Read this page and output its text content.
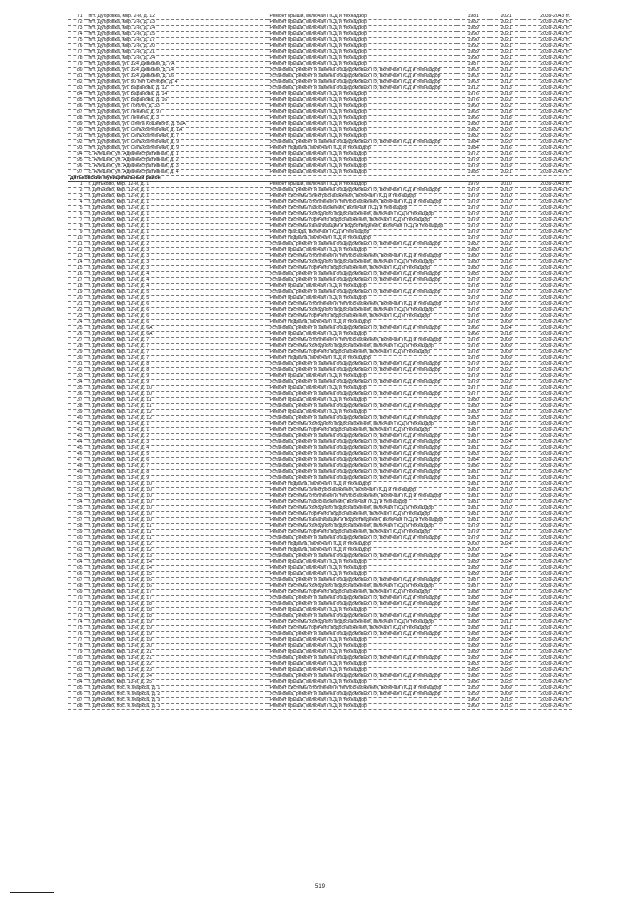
71	пгт. Дубровка, мкр. 2-й, д. 12	Ремонт крыши, включая ПСД и технадзор	1981	2021	2039-2043 гг.
72	пгт. Дубровка, мкр. 2-й, д. 13	Ремонт крыши, включая ПСД и технадзор	1982	2021	2039-2043 гг.
73	пгт. Дубровка, мкр. 2-й, д. 14	Ремонт крыши, включая ПСД и технадзор	1989	2021	2039-2043 гг.
74	пгт. Дубровка, мкр. 2-й, д. 15	Ремонт крыши, включая ПСД и технадзор	1990	2021	2039-2043 гг.
75	пгт. Дубровка, мкр. 2-й, д. 17	Ремонт крыши, включая ПСД и технадзор	1990	2021	2039-2043 гг.
76	пгт. Дубровка, мкр. 2-й, д. 20	Ремонт крыши, включая ПСД и технадзор	1992	2021	2039-2043 гг.
77	пгт. Дубровка, мкр. 2-й, д. 21	Ремонт крыши, включая ПСД и технадзор	1989	2021	2039-2043 гг.
78	пгт. Дубровка, мкр. 2-й, д. 24	Ремонт крыши, включая ПСД и технадзор	1990	2021	2039-2043 гг.
79	пгт. Дубровка, ул. 324 Дивизии, д. 7А	Ремонт крыши, включая ПСД и технадзор	1987	2022	2039-2043 гг.
80	пгт. Дубровка, ул. 324 Дивизии, д. 14	Установка, ремонт и замена общедомовых ПУ, включая ПСД и техназдор	1963	2012	2039-2043 гг.
81	пгт. Дубровка, ул. 324 Дивизии, д. 16	Установка, ремонт и замена общедомовых ПУ, включая ПСД и техназдор	1963	2012	2039-2043 гг.
82	пгт. Дубровка, ул. 50 лет Октября, д. 4	Установка, ремонт и замена общедомовых ПУ, включая ПСД и техназдор	1963	2012	2039-2043 гг.
83	пгт. Дубровка, ул. Баранова, д. 12	Установка, ремонт и замена общедомовых ПУ, включая ПСД и техназдор	1912	2013	2039-2043 гг.
84	пгт. Дубровка, ул. Баранова, д. 14	Ремонт крыши, включая ПСД и технадзор	1976	2019	2039-2043 гг.
85	пгт. Дубровка, ул. Баранова, д. 16	Ремонт крыши, включая ПСД и технадзор	1976	2022	2039-2043 гг.
86	пгт. Дубровка, ул. Гоголя, д. 33	Ремонт крыши, включая ПСД и технадзор	1960	2022	2039-2043 гг.
87	пгт. Дубровка, ул. Ленина, д. 97	Ремонт крыши, включая ПСД и технадзор	1965	2018	2039-2043 гг.
88	пгт. Дубровка, ул. Ленина, д. 3	Ремонт крыши, включая ПСД и технадзор	1966	2018	2039-2043 гг.
89	пгт. Дубровка, ул. Олега Кошевого, д. 50А	Ремонт крыши, включая ПСД и технадзор	1980	2018	2039-2043 гг.
90	пгт. Дубровка, ул. Сельхозтехники, д. 1А	Ремонт крыши, включая ПСД и технадзор	1982	2020	2039-2043 гг.
91	пгт. Дубровка, ул. Сельхозтехники, д. 7	Ремонт крыши, включая ПСД и технадзор	1982	2022	2039-2043 гг.
92	пгт. Дубровка, ул. Сельхозтехники, д. 9	Установка, ремонт и замена общедомовых ПУ, включая ПСД и техназдор	1984	2020	2039-2043 гг.
93	пгт. Дубровка, ул. Сельхозтехники, д. 9	Ремонт подвала, включая ПСД и техназдор	1984	2016	2039-2043 гг.
94	с. Алешня, ул. Административная, д. 1	Ремонт крыши, включая ПСД и техназдор	1972	2016	2039-2043 гг.
95	с. Алешня, ул. Административная, д. 2	Ремонт крыши, включая ПСД и техназдор	1979	2019	2039-2043 гг.
96	с. Алешня, ул. Административная, д. 3	Ремонт крыши, включая ПСД и техназдор	1979	2019	2039-2043 гг.
97	с. Алешня, ул. Административная, д. 4	Ремонт крыши, включая ПСД и техназдор	1985	2021	2039-2043 гг.
Дятьковский муниципальный район					
1	г. Дятьково, мкр. 12-й, д. 1	Ремонт крыши, включая ПСД и техназдор	1979	2010	2039-2043 гг.
2	г. Дятьково, мкр. 12-й, д. 1	Установка, ремонт и замена общедомовых ПУ, включая ПСД и техназдор	1979	2010	2039-2043 гг.
3	г. Дятьково, мкр. 12-й, д. 1	Ремонт системы электроснабжения, включая ПСД и техназдор	1979	2010	2039-2043 гг.
4	г. Дятьково, мкр. 12-й, д. 1	Ремонт системы отопления и теплоснабжения, включая ПСД и техназдор	1979	2010	2039-2043 гг.
5	г. Дятьково, мкр. 12-й, д. 1	Ремонт системы газоснабжения, включая ПСД и техназдор	1979	2010	2039-2043 гг.
6	г. Дятьково, мкр. 12-й, д. 1	Ремонт системы холодного водоснабжения, включая ПСД и техназдор	1979	2010	2039-2043 гг.
7	г. Дятьково, мкр. 12-й, д. 1	Ремонт системы горячего водоснабжения, включая ПСД и техназдор	1979	2010	2039-2043 гг.
8	г. Дятьково, мкр. 12-й, д. 1	Ремонт системы канализации и водоотведения, включая ПСД и техназдор	1979	2010	2039-2043 гг.
9	г. Дятьково, мкр. 12-й, д. 1	Ремонт фасада, включая ПСД и техназдор	1979	2010	2039-2043 гг.
10	г. Дятьково, мкр. 12-й, д. 1	Ремонт подвала, включая ПСД и техназдор	1979	2010	2039-2043 гг.
11	г. Дятьково, мкр. 12-й, д. 2	Установка, ремонт и замена общедомовых ПУ, включая ПСД и техназдор	1982	2022	2039-2043 гг.
12	г. Дятьково, мкр. 12-й, д. 3	Ремонт крыши, включая ПСД и техназдор	1980	2016	2039-2043 гг.
13	г. Дятьково, мкр. 12-й, д. 3	Ремонт системы отопления и теплоснабжения, включая ПСД и техназдор	1980	2016	2039-2043 гг.
14	г. Дятьково, мкр. 12-й, д. 3	Ремонт системы холодного водоснабжения, включая ПСД и техназдор	1980	2016	2039-2043 гг.
15	г. Дятьково, мкр. 12-й, д. 3	Ремонт системы горячего водоснабжения, включая ПСД и техназдор	1980	2016	2039-2043 гг.
16	г. Дятьково, мкр. 12-й, д. 4	Установка, ремонт и замена общедомовых ПУ, включая ПСД и техназдор	1985	2030	2039-2043 гг.
17	г. Дятьково, мкр. 12-й, д. 4	Установка, ремонт и замена общедомовых ПУ, включая ПСД и техназдор	1979	2022	2039-2043 гг.
18	г. Дятьково, мкр. 12-й, д. 4	Ремонт крыши, включая ПСД и техназдор	1978	2018	2039-2043 гг.
19	г. Дятьково, мкр. 12-й, д. 5	Установка, ремонт и замена общедомовых ПУ, включая ПСД и техназдор	1979	2030	2039-2043 гг.
20	г. Дятьково, мкр. 12-й, д. 5	Ремонт крыши, включая ПСД и техназдор	1979	2018	2039-2043 гг.
21	г. Дятьково, мкр. 12-й, д. 6	Ремонт системы отопления и теплоснабжения, включая ПСД и техназдор	1979	2009	2039-2043 гг.
22	г. Дятьково, мкр. 12-й, д. 6	Ремонт системы холодного водоснабжения, включая ПСД и техназдор	1978	2009	2039-2043 гг.
23	г. Дятьково, мкр. 12-й, д. 6	Ремонт системы горячего водоснабжения, включая ПСД и техназдор	1978	2009	2039-2043 гг.
24	г. Дятьково, мкр. 12-й, д. 6	Ремонт подвала, включая ПСД и техназдор	1978	2009	2039-2043 гг.
25	г. Дятьково, мкр. 12-й, д. 6А	Установка, ремонт и замена общедомовых ПУ, включая ПСД и техназдор	1966	2024	2039-2043 гг.
26	г. Дятьково, мкр. 12-й, д. 6А	Ремонт крыши, включая ПСД и техназдор	1966	2018	2039-2043 гг.
27	г. Дятьково, мкр. 12-й, д. 7	Ремонт системы отопления и теплоснабжения, включая ПСД и техназдор	1978	2009	2039-2043 гг.
28	г. Дятьково, мкр. 12-й, д. 7	Ремонт системы холодного водоснабжения, включая ПСД и техназдор	1978	2009	2039-2043 гг.
29	г. Дятьково, мкр. 12-й, д. 7	Ремонт системы горячего водоснабжения, включая ПСД и техназдор	1978	2009	2039-2043 гг.
30	г. Дятьково, мкр. 12-й, д. 7	Ремонт подвала, включая ПСД и техназдор	1978	2009	2039-2043 гг.
31	г. Дятьково, мкр. 12-й, д. 8	Установка, ремонт и замена общедомовых ПУ, включая ПСД и техназдор	1979	2022	2039-2043 гг.
32	г. Дятьково, мкр. 12-й, д. 8	Установка, ремонт и замена общедомовых ПУ, включая ПСД и техназдор	1979	2022	2039-2043 гг.
33	г. Дятьково, мкр. 12-й, д. 9	Ремонт крыши, включая ПСД и техназдор	1979	2018	2039-2043 гг.
34	г. Дятьково, мкр. 12-й, д. 9	Установка, ремонт и замена общедомовых ПУ, включая ПСД и техназдор	1979	2022	2039-2043 гг.
35	г. Дятьково, мкр. 12-й, д. 10	Ремонт крыши, включая ПСД и техназдор	1977	2018	2039-2043 гг.
36	г. Дятьково, мкр. 12-й, д. 10	Установка, ремонт и замена общедомовых ПУ, включая ПСД и техназдор	1977	2022	2039-2043 гг.
37	г. Дятьково, мкр. 12-й, д. 11	Ремонт крыши, включая ПСД и техназдор	1980	2018	2039-2043 гг.
38	г. Дятьково, мкр. 12-й, д. 11	Установка, ремонт и замена общедомовых ПУ, включая ПСД и техназдор	1980	2024	2039-2043 гг.
39	г. Дятьково, мкр. 12-й, д. 12	Ремонт крыши, включая ПСД и техназдор	1983	2018	2039-2043 гг.
40	г. Дятьково, мкр. 12-й, д. 12	Установка, ремонт и замена общедомовых ПУ, включая ПСД и техназдор	1983	2022	2039-2043 гг.
41	г. Дятьково, мкр. 13-й, д. 1	Ремонт системы холодного водоснабжения, включая ПСД и техназдор	1987	2016	2039-2043 гг.
42	г. Дятьково, мкр. 13-й, д. 1	Ремонт системы горячего водоснабжения, включая ПСД и техназдор	1987	2016	2039-2043 гг.
43	г. Дятьково, мкр. 13-й, д. 2	Установка, ремонт и замена общедомовых ПУ, включая ПСД и техназдор	1987	2024	2039-2043 гг.
44	г. Дятьково, мкр. 13-й, д. 3	Установка, ремонт и замена общедомовых ПУ, включая ПСД и техназдор	1981	2024	2039-2043 гг.
45	г. Дятьково, мкр. 13-й, д. 4	Установка, ремонт и замена общедомовых ПУ, включая ПСД и техназдор	1981	2022	2039-2043 гг.
46	г. Дятьково, мкр. 13-й, д. 5	Установка, ремонт и замена общедомовых ПУ, включая ПСД и техназдор	1983	2022	2039-2043 гг.
47	г. Дятьково, мкр. 13-й, д. 6	Установка, ремонт и замена общедомовых ПУ, включая ПСД и техназдор	1984	2022	2039-2043 гг.
48	г. Дятьково, мкр. 13-й, д. 7	Установка, ремонт и замена общедомовых ПУ, включая ПСД и техназдор	1986	2022	2039-2043 гг.
49	г. Дятьково, мкр. 13-й, д. 8	Установка, ремонт и замена общедомовых ПУ, включая ПСД и техназдор	1981	2012	2039-2043 гг.
50	г. Дятьково, мкр. 13-й, д. 9	Установка, ремонт и замена общедомовых ПУ, включая ПСД и техназдор	1981	2012	2039-2043 гг.
51	г. Дятьково, мкр. 13-й, д. 10	Ремонт подвала, включая ПСД и техназдор	1981	2010	2039-2043 гг.
52	г. Дятьково, мкр. 13-й, д. 10	Ремонт системы электроснабжения, включая ПСД и техназдор	1981	2010	2039-2043 гг.
53	г. Дятьково, мкр. 13-й, д. 10	Ремонт системы отопления и теплоснабжения, включая ПСД и техназдор	1981	2010	2039-2043 гг.
54	г. Дятьково, мкр. 13-й, д. 10	Ремонт системы газоснабжения, включая ПСД и техназдор	1981	2010	2039-2043 гг.
55	г. Дятьково, мкр. 13-й, д. 10	Ремонт системы холодного водоснабжения, включая ПСД и техназдор	1981	2010	2039-2043 гг.
56	г. Дятьково, мкр. 13-й, д. 10	Ремонт системы горячего водоснабжения, включая ПСД и техназдор	1981	2010	2039-2043 гг.
57	г. Дятьково, мкр. 13-й, д. 10	Ремонт системы канализации и водоотведения, включая ПСД и техназдор	1981	2010	2039-2043 гг.
58	г. Дятьково, мкр. 13-й, д. 11	Ремонт системы холодного водоснабжения, включая ПСД и техназдор	1979	2012	2039-2043 гг.
59	г. Дятьково, мкр. 13-й, д. 11	Ремонт системы горячего водоснабжения, включая ПСД и техназдор	1979	2012	2039-2043 гг.
60	г. Дятьково, мкр. 13-й, д. 11	Установка, ремонт и замена общедомовых ПУ, включая ПСД и техназдор	1979	2012	2039-2043 гг.
61	г. Дятьково, мкр. 13-й, д. 12	Ремонт подвала, включая ПСД и техназдор	2000	2024	2039-2043 гг.
62	г. Дятьково, мкр. 13-й, д. 12	Ремонт подвала, включая ПСД и техназдор	2000		2039-2043 гг.
63	г. Дятьково, мкр. 13-й, д. 13	Установка, ремонт и замена общедомовых ПУ, включая ПСД и техназдор	1988	2024	2039-2043 гг.
64	г. Дятьково, мкр. 13-й, д. 14	Ремонт крыши, включая ПСД и техназдор	1989	2024	2039-2043 гг.
65	г. Дятьково, мкр. 13-й, д. 14	Ремонт крыши, включая ПСД и техназдор	1989	2018	2039-2043 гг.
66	г. Дятьково, мкр. 13-й, д. 15	Ремонт крыши, включая ПСД и техназдор	1989	2018	2039-2043 гг.
67	г. Дятьково, мкр. 13-й, д. 16	Установка, ремонт и замена общедомовых ПУ, включая ПСД и техназдор	1987	2024	2039-2043 гг.
68	г. Дятьково, мкр. 13-й, д. 16	Ремонт системы холодного водоснабжения, включая ПСД и техназдор	1987	2010	2039-2043 гг.
69	г. Дятьково, мкр. 13-й, д. 17	Ремонт системы горячего водоснабжения, включая ПСД и техназдор	1988	2010	2039-2043 гг.
70	г. Дятьково, мкр. 13-й, д. 17	Установка, ремонт и замена общедомовых ПУ, включая ПСД и техназдор	1988	2024	2039-2043 гг.
71	г. Дятьково, мкр. 13-й, д. 18	Установка, ремонт и замена общедомовых ПУ, включая ПСД и техназдор	1988	2024	2039-2043 гг.
72	г. Дятьково, мкр. 13-й, д. 18	Ремонт крыши, включая ПСД и техназдор	1988	2018	2039-2043 гг.
73	г. Дятьково, мкр. 13-й, д. 18	Установка, ремонт и замена общедомовых ПУ, включая ПСД и техназдор	1988	2024	2039-2043 гг.
74	г. Дятьково, мкр. 13-й, д. 19	Ремонт системы холодного водоснабжения, включая ПСД и техназдор	1988	2011	2039-2043 гг.
75	г. Дятьково, мкр. 13-й, д. 19	Ремонт системы горячего водоснабжения, включая ПСД и техназдор	1988	2011	2039-2043 гг.
76	г. Дятьково, мкр. 13-й, д. 19	Установка, ремонт и замена общедомовых ПУ, включая ПСД и техназдор	1988	2024	2039-2043 гг.
77	г. Дятьково, мкр. 13-й, д. 19	Ремонт крыши, включая ПСД и техназдор	1989	2024	2039-2043 гг.
78	г. Дятьково, мкр. 13-й, д. 20	Ремонт крыши, включая ПСД и техназдор	1989	2016	2039-2043 гг.
79	г. Дятьково, мкр. 13-й, д. 21	Ремонт крыши, включая ПСД и техназдор	1989	2016	2039-2043 гг.
80	г. Дятьково, мкр. 13-й, д. 21	Установка, ремонт и замена общедомовых ПУ, включая ПСД и техназдор	1989	2024	2039-2043 гг.
81	г. Дятьково, мкр. 13-й, д. 22	Ремонт крыши, включая ПСД и техназдор	1983	2025	2039-2043 гг.
82	г. Дятьково, мкр. 13-й, д. 23	Ремонт крыши, включая ПСД и техназдор	1985	2026	2039-2043 гг.
83	г. Дятьково, мкр. 13-й, д. 24	Установка, ремонт и замена общедомовых ПУ, включая ПСД и техназдор	1986	2025	2039-2043 гг.
84	г. Дятьково, мкр. 13-й, д. 25	Ремонт крыши, включая ПСД и техназдор	1986	2025	2039-2043 гг.
85	г. Дятьково, пос. К.Маркса, д. 1	Ремонт системы отопления и теплоснабжения, включая ПСД и техназдор	1959	2009	2039-2043 гг.
86	г. Дятьково, пос. К.Маркса, д. 2	Установка, ремонт и замена общедомовых ПУ, включая ПСД и техназдор	1959	2009	2039-2043 гг.
87	г. Дятьково, пос. К.Маркса, д. 3	Ремонт крыши, включая ПСД и техназдор	1960	2015	2039-2043 гг.
88	г. Дятьково, пос. К.Маркса, д. 3	Ремонт крыши, включая ПСД и техназдор	1960	2015	2039-2043 гг.
519
